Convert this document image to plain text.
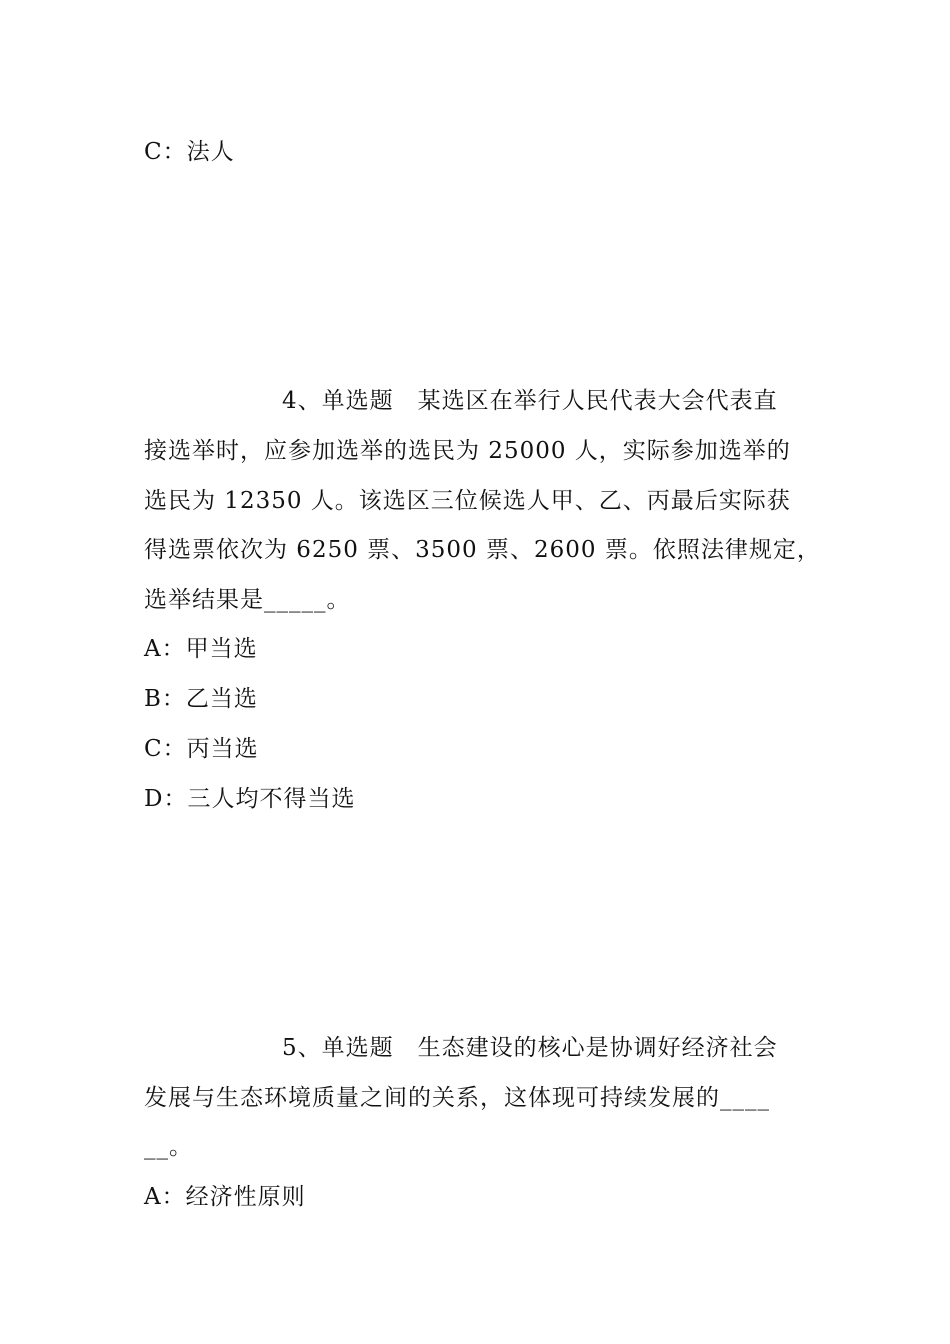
C：法人
4、单选题　某选区在举行人民代表大会代表直
接选举时，应参加选举的选民为 25000 人，实际参加选举的
选民为 12350 人。该选区三位候选人甲、乙、丙最后实际获
得选票依次为 6250 票、3500 票、2600 票。依照法律规定，
选举结果是_____。
A：甲当选
B：乙当选
C：丙当选
D：三人均不得当选
5、单选题　生态建设的核心是协调好经济社会
发展与生态环境质量之间的关系，这体现可持续发展的____
__。
A：经济性原则
